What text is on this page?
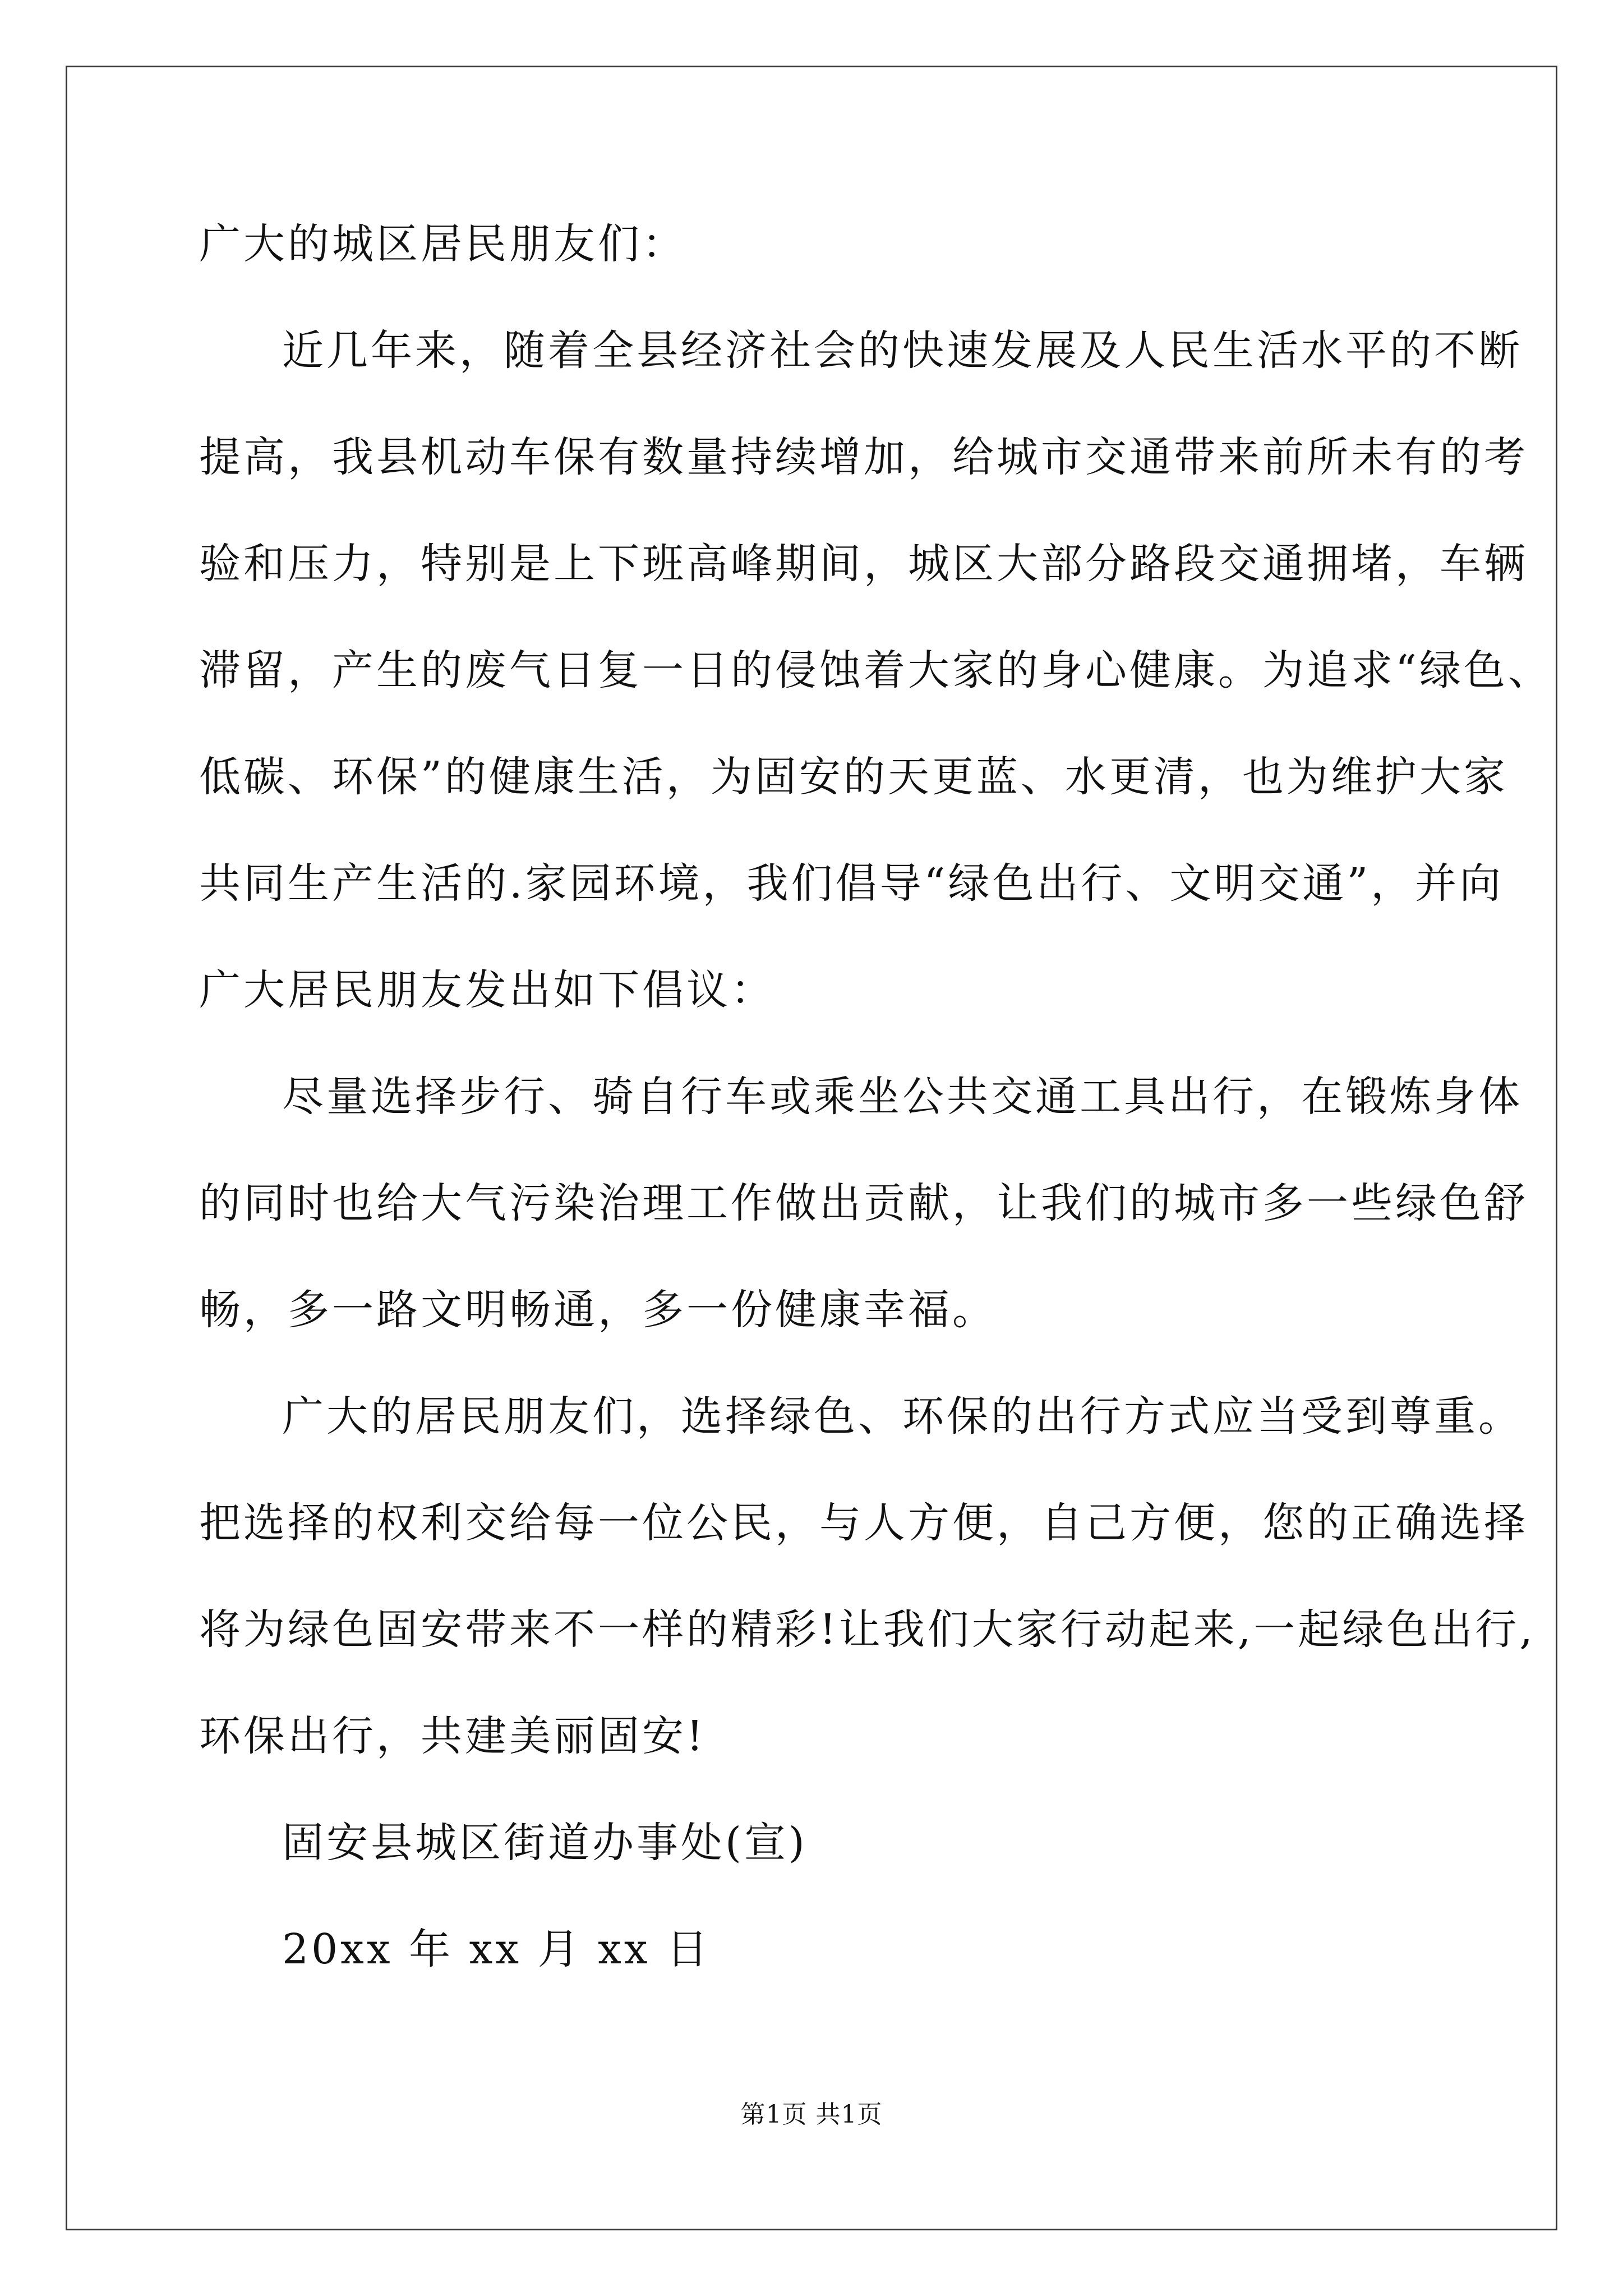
广大的城区居民朋友们：
近几年来，随着全县经济社会的快速发展及人民生活水平的不断
提高，我县机动车保有数量持续增加，给城市交通带来前所未有的考
验和压力，特别是上下班高峰期间，城区大部分路段交通拥堵，车辆
滞留，产生的废气日复一日的侵蚀着大家的身心健康。为追求“绿色、
低碳、环保”的健康生活，为固安的天更蓝、水更清，也为维护大家
共同生产生活的.家园环境，我们倡导“绿色出行、文明交通”，并向
广大居民朋友发出如下倡议：
尽量选择步行、骑自行车或乘坐公共交通工具出行，在锻炼身体
的同时也给大气污染治理工作做出贡献，让我们的城市多一些绿色舒
畅，多一路文明畅通，多一份健康幸福。
广大的居民朋友们，选择绿色、环保的出行方式应当受到尊重。
把选择的权利交给每一位公民，与人方便，自己方便，您的正确选择
将为绿色固安带来不一样的精彩!让我们大家行动起来,一起绿色出行,
环保出行，共建美丽固安!
固安县城区街道办事处(宣)
20xx 年 xx 月 xx 日
第1页 共1页
